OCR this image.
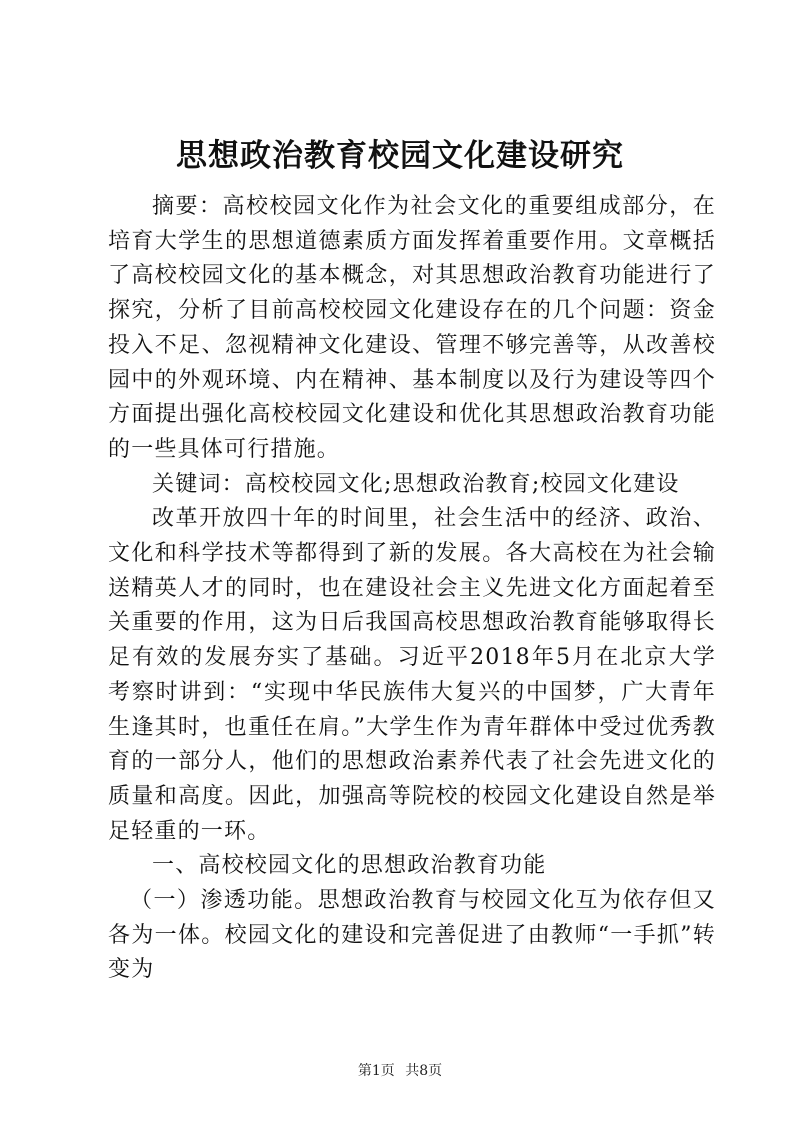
思想政治教育校园文化建设研究

摘要：高校校园文化作为社会文化的重要组成部分，在培育大学生的思想道德素质方面发挥着重要作用。文章概括了高校校园文化的基本概念，对其思想政治教育功能进行了探究，分析了目前高校校园文化建设存在的几个问题：资金投入不足、忽视精神文化建设、管理不够完善等，从改善校园中的外观环境、内在精神、基本制度以及行为建设等四个方面提出强化高校校园文化建设和优化其思想政治教育功能的一些具体可行措施。

关键词：高校校园文化;思想政治教育;校园文化建设

改革开放四十年的时间里，社会生活中的经济、政治、文化和科学技术等都得到了新的发展。各大高校在为社会输送精英人才的同时，也在建设社会主义先进文化方面起着至关重要的作用，这为日后我国高校思想政治教育能够取得长足有效的发展夯实了基础。习近平2018年5月在北京大学考察时讲到：“实现中华民族伟大复兴的中国梦，广大青年生逢其时，也重任在肩。”大学生作为青年群体中受过优秀教育的一部分人，他们的思想政治素养代表了社会先进文化的质量和高度。因此，加强高等院校的校园文化建设自然是举足轻重的一环。

一、高校校园文化的思想政治教育功能

（一）渗透功能。思想政治教育与校园文化互为依存但又各为一体。校园文化的建设和完善促进了由教师“一手抓”转变为

第1页 共8页
